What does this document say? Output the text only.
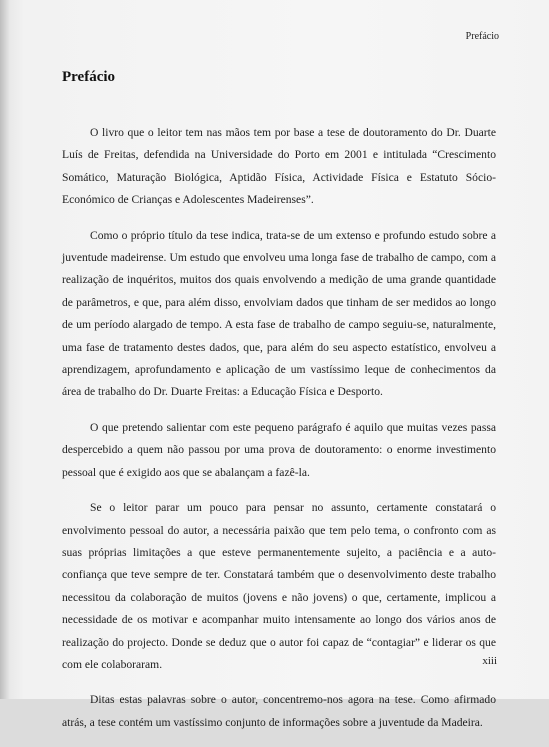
Prefácio
Prefácio

O livro que o leitor tem nas mãos tem por base a tese de doutoramento do Dr. Duarte Luís de Freitas, defendida na Universidade do Porto em 2001 e intitulada “Crescimento Somático, Maturação Biológica, Aptidão Física, Actividade Física e Estatuto Sócio-Económico de Crianças e Adolescentes Madeirenses”.

Como o próprio título da tese indica, trata-se de um extenso e profundo estudo sobre a juventude madeirense. Um estudo que envolveu uma longa fase de trabalho de campo, com a realização de inquéritos, muitos dos quais envolvendo a medição de uma grande quantidade de parâmetros, e que, para além disso, envolviam dados que tinham de ser medidos ao longo de um período alargado de tempo. A esta fase de trabalho de campo seguiu-se, naturalmente, uma fase de tratamento destes dados, que, para além do seu aspecto estatístico, envolveu a aprendizagem, aprofundamento e aplicação de um vastíssimo leque de conhecimentos da área de trabalho do Dr. Duarte Freitas: a Educação Física e Desporto.

O que pretendo salientar com este pequeno parágrafo é aquilo que muitas vezes passa despercebido a quem não passou por uma prova de doutoramento: o enorme investimento pessoal que é exigido aos que se abalançam a fazê-la.

Se o leitor parar um pouco para pensar no assunto, certamente constatará o envolvimento pessoal do autor, a necessária paixão que tem pelo tema, o confronto com as suas próprias limitações a que esteve permanentemente sujeito, a paciência e a auto-confiança que teve sempre de ter. Constatará também que o desenvolvimento deste trabalho necessitou da colaboração de muitos (jovens e não jovens) o que, certamente, implicou a necessidade de os motivar e acompanhar muito intensamente ao longo dos vários anos de realização do projecto. Donde se deduz que o autor foi capaz de “contagiar” e liderar os que com ele colaboraram.

Ditas estas palavras sobre o autor, concentremo-nos agora na tese. Como afirmado atrás, a tese contém um vastíssimo conjunto de informações sobre a juventude da Madeira.

xiii
